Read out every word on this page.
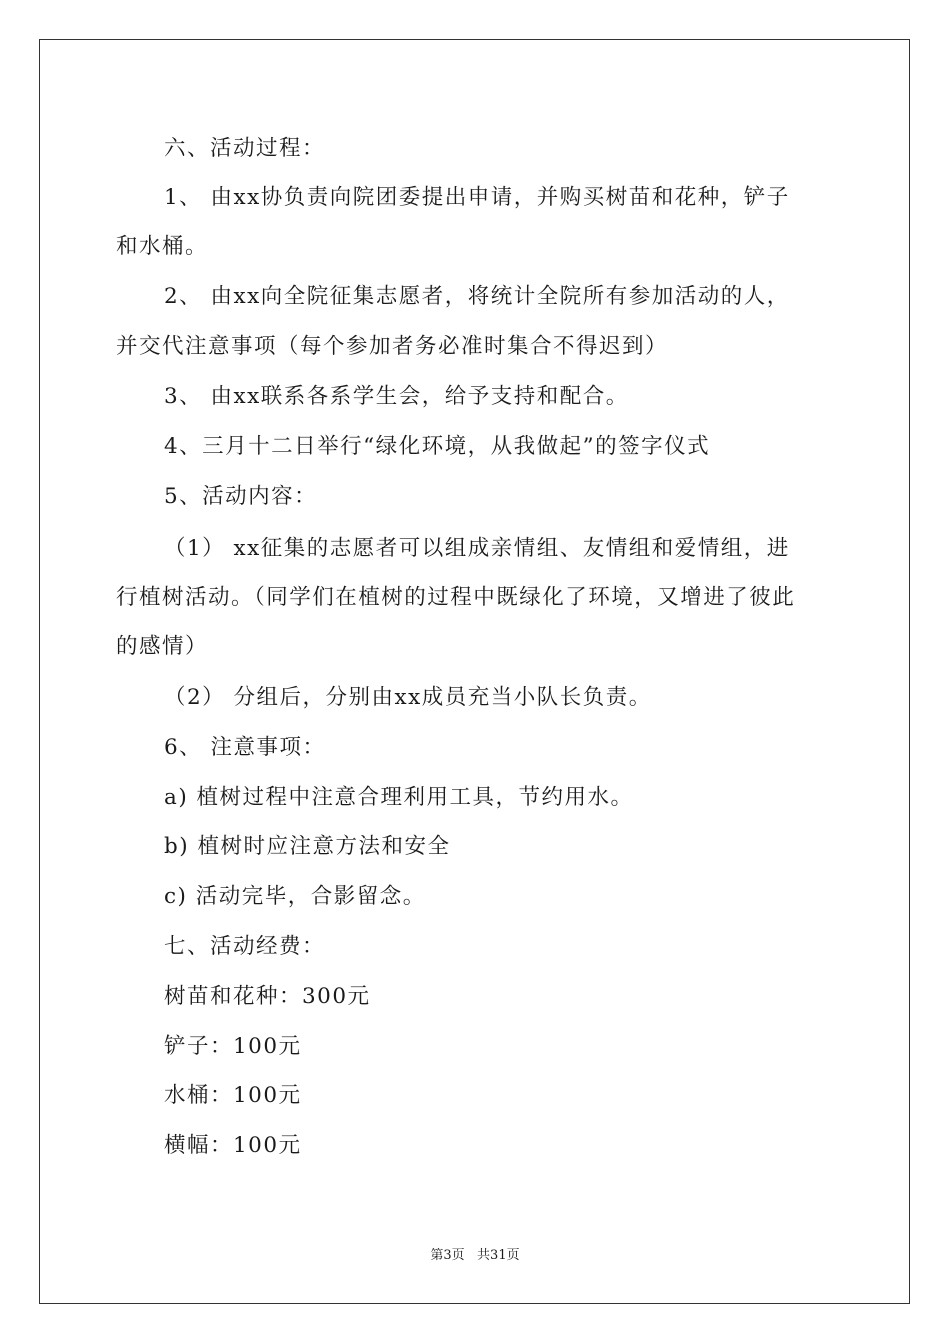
六、活动过程：
1、 由xx协负责向院团委提出申请，并购买树苗和花种，铲子
和水桶。
2、 由xx向全院征集志愿者，将统计全院所有参加活动的人，
并交代注意事项（每个参加者务必准时集合不得迟到）
3、 由xx联系各系学生会，给予支持和配合。
4、三月十二日举行“绿化环境，从我做起”的签字仪式
5、活动内容：
（1） xx征集的志愿者可以组成亲情组、友情组和爱情组，进
行植树活动。（同学们在植树的过程中既绿化了环境，又增进了彼此
的感情）
（2） 分组后，分别由xx成员充当小队长负责。
6、 注意事项：
a) 植树过程中注意合理利用工具，节约用水。
b) 植树时应注意方法和安全
c) 活动完毕，合影留念。
七、活动经费：
树苗和花种：300元
铲子：100元
水桶：100元
横幅：100元
第3页   共31页
